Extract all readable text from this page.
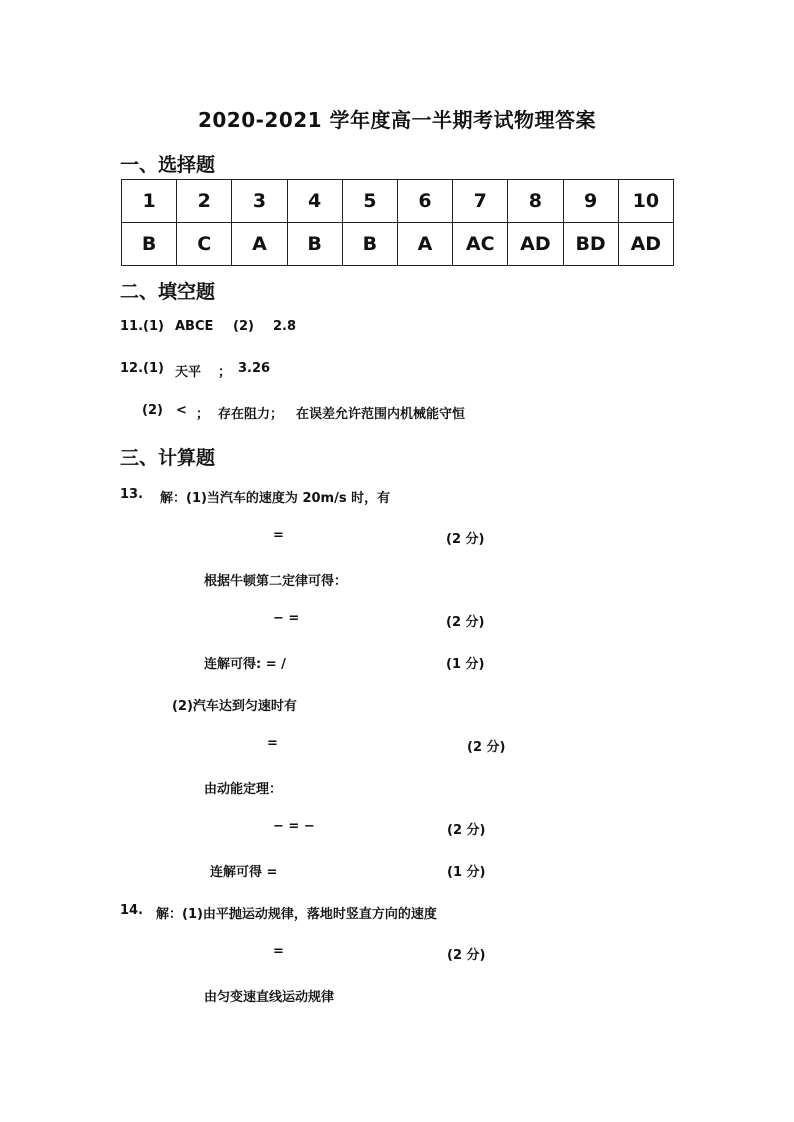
2020-2021 学年度高一半期考试物理答案
一、选择题
1	2	3	4	5	6	7	8	9	10
B	C	A	B	B	A	AC	AD	BD	AD
二、填空题
11.(1) ABCE (2) 2.8
12.(1) 天平 ； 3.26
(2) < ； 存在阻力； 在误差允许范围内机械能守恒
三、计算题
13. 解：(1)当汽车的速度为 20m/s 时，有
=	(2 分)
根据牛顿第二定律可得：
− =	(2 分)
连解可得: = /	(1 分)
(2)汽车达到匀速时有
=	(2 分)
由动能定理：
− = −	(2 分)
连解可得 =	(1 分)
14. 解：(1)由平抛运动规律，落地时竖直方向的速度
=	(2 分)
由匀变速直线运动规律
